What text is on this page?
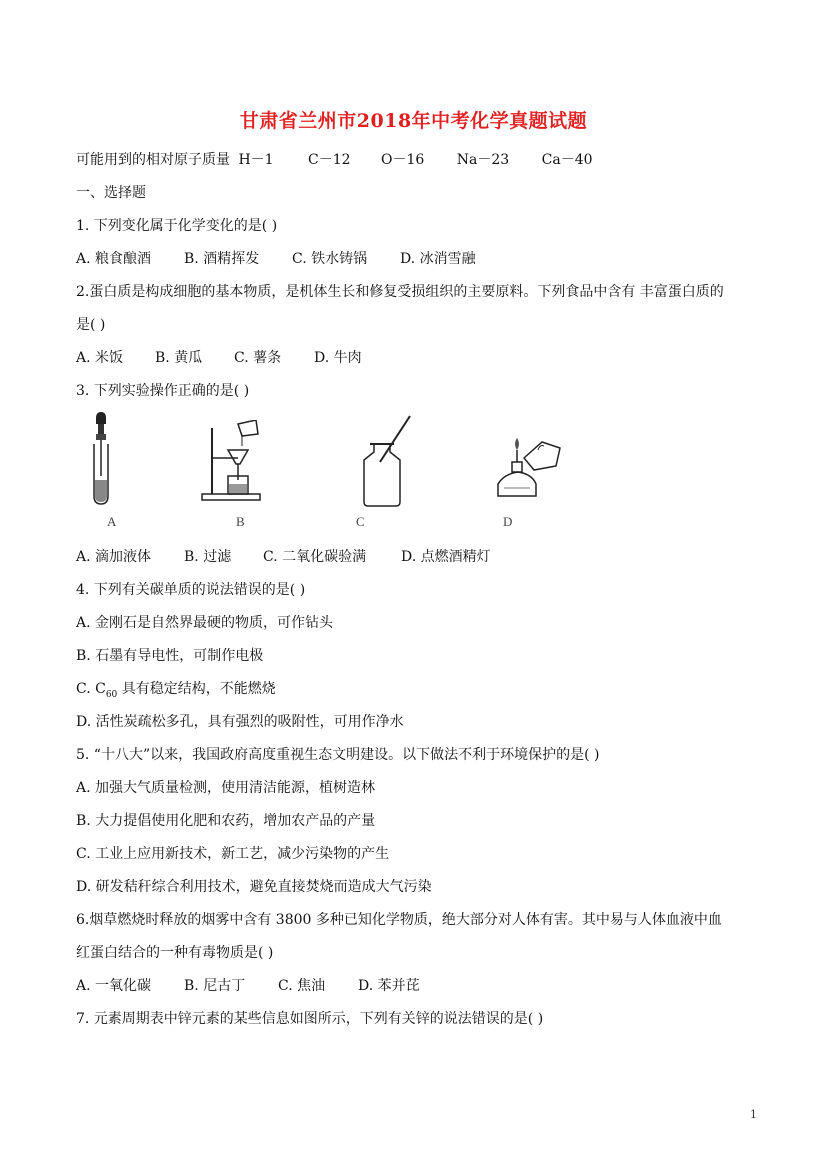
甘肃省兰州市2018年中考化学真题试题
可能用到的相对原子质量 H－1 C－12 O－16 Na－23 Ca－40
一、选择题
1. 下列变化属于化学变化的是( )
A. 粮食酿酒	B. 酒精挥发	C. 铁水铸锅	D. 冰消雪融
2.蛋白质是构成细胞的基本物质，是机体生长和修复受损组织的主要原料。下列食品中含有 丰富蛋白质的
是( )
A. 米饭	B. 黄瓜	C. 薯条	D. 牛肉
3. 下列实验操作正确的是( )
A	B	C	D
A. 滴加液体	B. 过滤	C. 二氧化碳验满	D. 点燃酒精灯
4. 下列有关碳单质的说法错误的是( )
A. 金刚石是自然界最硬的物质，可作钻头
B. 石墨有导电性，可制作电极
C. $C_{60}$ 具有稳定结构，不能燃烧
D. 活性炭疏松多孔，具有强烈的吸附性，可用作净水
5. “十八大”以来，我国政府高度重视生态文明建设。以下做法不利于环境保护的是( )
A. 加强大气质量检测，使用清洁能源，植树造林
B. 大力提倡使用化肥和农药，增加农产品的产量
C. 工业上应用新技术，新工艺，减少污染物的产生
D. 研发秸秆综合利用技术，避免直接焚烧而造成大气污染
6.烟草燃烧时释放的烟雾中含有 3800 多种已知化学物质，绝大部分对人体有害。其中易与人体血液中血
红蛋白结合的一种有毒物质是( )
A. 一氧化碳	B. 尼古丁	C. 焦油	D. 苯并芘
7. 元素周期表中锌元素的某些信息如图所示，下列有关锌的说法错误的是( )
1
